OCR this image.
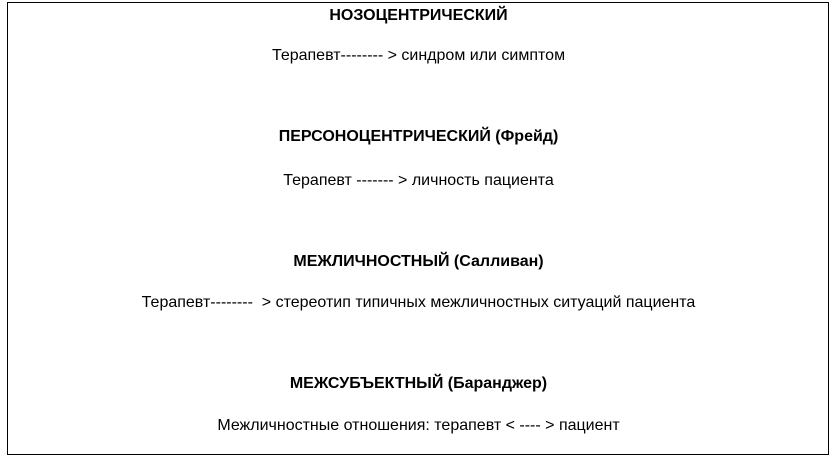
НОЗОЦЕНТРИЧЕСКИЙ
Терапевт-------- > синдром или симптом
ПЕРСОНОЦЕНТРИЧЕСКИЙ (Фрейд)
Терапевт ------- > личность пациента
МЕЖЛИЧНОСТНЫЙ (Салливан)
Терапевт--------  > стереотип типичных межличностных ситуаций пациента
МЕЖСУБЪЕКТНЫЙ (Баранджер)
Межличностные отношения: терапевт < ---- > пациент
